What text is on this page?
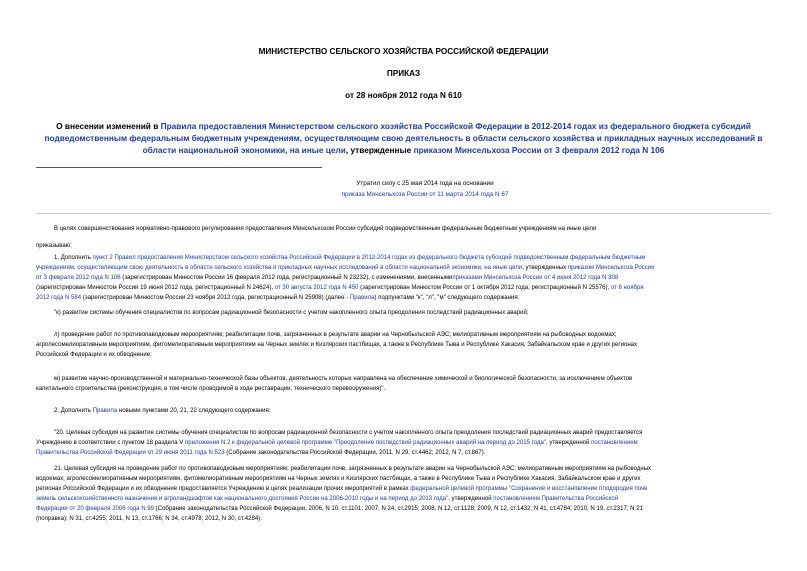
МИНИСТЕРСТВО СЕЛЬСКОГО ХОЗЯЙСТВА РОССИЙСКОЙ ФЕДЕРАЦИИ
ПРИКАЗ
от 28 ноября 2012 года N 610
О внесении изменений в Правила предоставления Министерством сельского хозяйства Российской Федерации в 2012-2014 годах из федерального бюджета субсидий подведомственным федеральным бюджетным учреждениям, осуществляющим свою деятельность в области сельского хозяйства и прикладных научных исследований в области национальной экономики, на иные цели, утвержденные приказом Минсельхоза России от 3 февраля 2012 года N 106
Утратил силу с 25 мая 2014 года на основании
приказа Минсельхоза России от 11 марта 2014 года N 67
В целях совершенствования нормативно-правового регулирования предоставления Минсельхозом России субсидий подведомственным федеральным бюджетным учреждениям на иные цели
приказываю:
1. Дополнить пункт 2 Правил предоставления Министерством сельского хозяйства Российской Федерации в 2012-2014 годах из федерального бюджета субсидий подведомственным федеральным бюджетным
учреждениям, осуществляющим свою деятельность в области сельского хозяйства и прикладных научных исследований в области национальной экономики, на иные цели, утвержденных приказом Минсельхоза России
от 3 февраля 2012 года N 106 (зарегистрирован Минюстом России 16 февраля 2012 года, регистрационный N 23232), с изменениями, внесеннымиприказами Минсельхоза России от 4 июня 2012 года N 308
(зарегистрирован Минюстом России 19 июня 2012 года, регистрационный N 24624), от 30 августа 2012 года N 450 (зарегистрирован Минюстом России от 1 октября 2012 года, регистрационный N 25576), от 6 ноября
2012 года N 584 (зарегистрирован Минюстом России 23 ноября 2012 года, регистрационный N 25908) (далее - Правила) подпунктами "к", "л", "м" следующего содержания:
"к) развитие системы обучения специалистов по вопросам радиационной безопасности с учетом накопленного опыта преодоления последствий радиационных аварий;
л) проведение работ по противопаводковым мероприятиям; реабилитации почв, загрязненных в результате аварии на Чернобыльской АЭС; мелиоративным мероприятиям на рыбоводных водоемах;
агролесомелиоративным мероприятиям, фитомелиоративным мероприятиям на Черных землях и Кизлярских пастбищах, а также в Республике Тыва и Республике Хакасия, Забайкальском крае и других регионах
Российской Федерации и их обводнение;
м) развитие научно-производственной и материально-технической базы объектов, деятельность которых направлена на обеспечение химической и биологической безопасности, за исключением объектов
капитального строительства (реконструкция, в том числе проводимой в ходе реставрации, технического перевооружения)".
2. Дополнить Правила новыми пунктами 20, 21, 22 следующего содержания:
"20. Целевая субсидия на развитие системы обучения специалистов по вопросам радиационной безопасности с учетом накопленного опыта преодоления последствий радиационных аварий предоставляется
Учреждению в соответствии с пунктом 18 раздела V приложения N 2 к федеральной целевой программе "Преодоление последствий радиационных аварий на период до 2015 года", утвержденной постановлением
Правительства Российской Федерации от 29 июня 2011 года N 523 (Собрание законодательства Российской Федерации, 2011, N 29, ст.4462; 2012, N 7, ст.867).
21. Целевая субсидия на проведение работ по противопаводковым мероприятиям; реабилитации почв, загрязненных в результате аварии на Чернобыльской АЭС; мелиоративным мероприятиям на рыбоводных
водоемах; агролесомелиоративным мероприятиям, фитомелиоративным мероприятиям на Черных землях и Кизлярских пастбищах, а также в Республике Тыва и Республике Хакасия, Забайкальском крае и других
регионах Российской Федерации и их обводнение предоставляется Учреждению в целях реализации прочих мероприятий в рамках федеральной целевой программы "Сохранение и восстановление плодородия почв
земель сельскохозяйственного назначения и агроландшафтов как национального достояния России на 2006-2010 годы и на период до 2013 года", утвержденной постановлением Правительства Российской
Федерации от 20 февраля 2006 года N 99 (Собрание законодательства Российской Федерации, 2006, N 10, ст.1101; 2007, N 24, ст.2915; 2008, N 12, ст.1128; 2009, N 12, ст.1432; N 41, ст.4784; 2010, N 19, ст.2317; N 21
(поправка); N 31, ст.4255; 2011, N 13, ст.1766; N 34, ст.4978; 2012, N 30, ст.4284).
